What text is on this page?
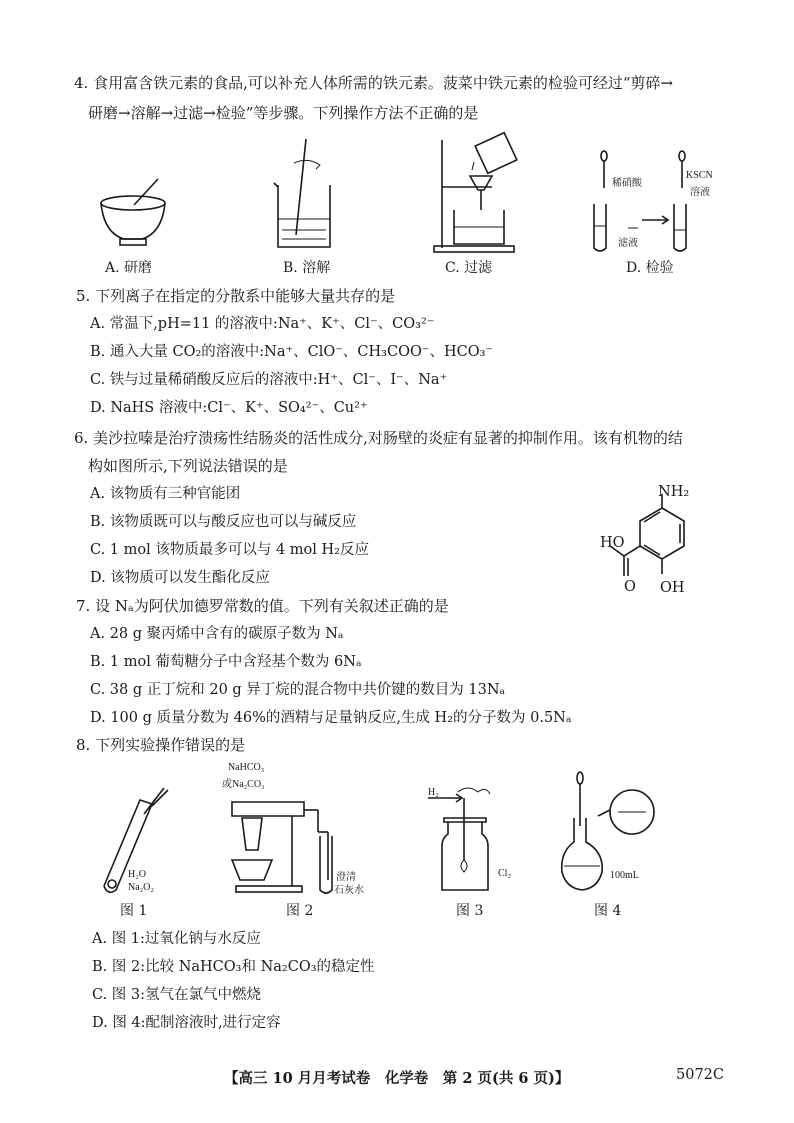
4. 食用富含铁元素的食品,可以补充人体所需的铁元素。菠菜中铁元素的检验可经过“剪碎→
研磨→溶解→过滤→检验”等步骤。下列操作方法不正确的是
A. 研磨	B. 溶解	C. 过滤
稀硝酸
KSCN
溶液
滤液
D. 检验
5. 下列离子在指定的分散系中能够大量共存的是
A. 常温下,pH=11 的溶液中:Na⁺、K⁺、Cl⁻、CO₃²⁻
B. 通入大量 CO₂的溶液中:Na⁺、ClO⁻、CH₃COO⁻、HCO₃⁻
C. 铁与过量稀硝酸反应后的溶液中:H⁺、Cl⁻、I⁻、Na⁺
D. NaHS 溶液中:Cl⁻、K⁺、SO₄²⁻、Cu²⁺
6. 美沙拉嗪是治疗溃疡性结肠炎的活性成分,对肠壁的炎症有显著的抑制作用。该有机物的结
构如图所示,下列说法错误的是
A. 该物质有三种官能团
B. 该物质既可以与酸反应也可以与碱反应
C. 1 mol 该物质最多可以与 4 mol H₂反应
D. 该物质可以发生酯化反应
NH₂
HO
O OH
7. 设 Nₐ为阿伏加德罗常数的值。下列有关叙述正确的是
A. 28 g 聚丙烯中含有的碳原子数为 Nₐ
B. 1 mol 葡萄糖分子中含羟基个数为 6Nₐ
C. 38 g 正丁烷和 20 g 异丁烷的混合物中共价键的数目为 13Nₐ
D. 100 g 质量分数为 46%的酒精与足量钠反应,生成 H₂的分子数为 0.5Nₐ
8. 下列实验操作错误的是
H₂O
Na₂O₂
图 1
NaHCO₃
或Na₂CO₃
澄清
石灰水
图 2
H₂
Cl₂
图 3
100mL
图 4
A. 图 1:过氧化钠与水反应
B. 图 2:比较 NaHCO₃和 Na₂CO₃的稳定性
C. 图 3:氢气在氯气中燃烧
D. 图 4:配制溶液时,进行定容
【高三 10 月月考试卷　化学卷　第 2 页(共 6 页)】	5072C
